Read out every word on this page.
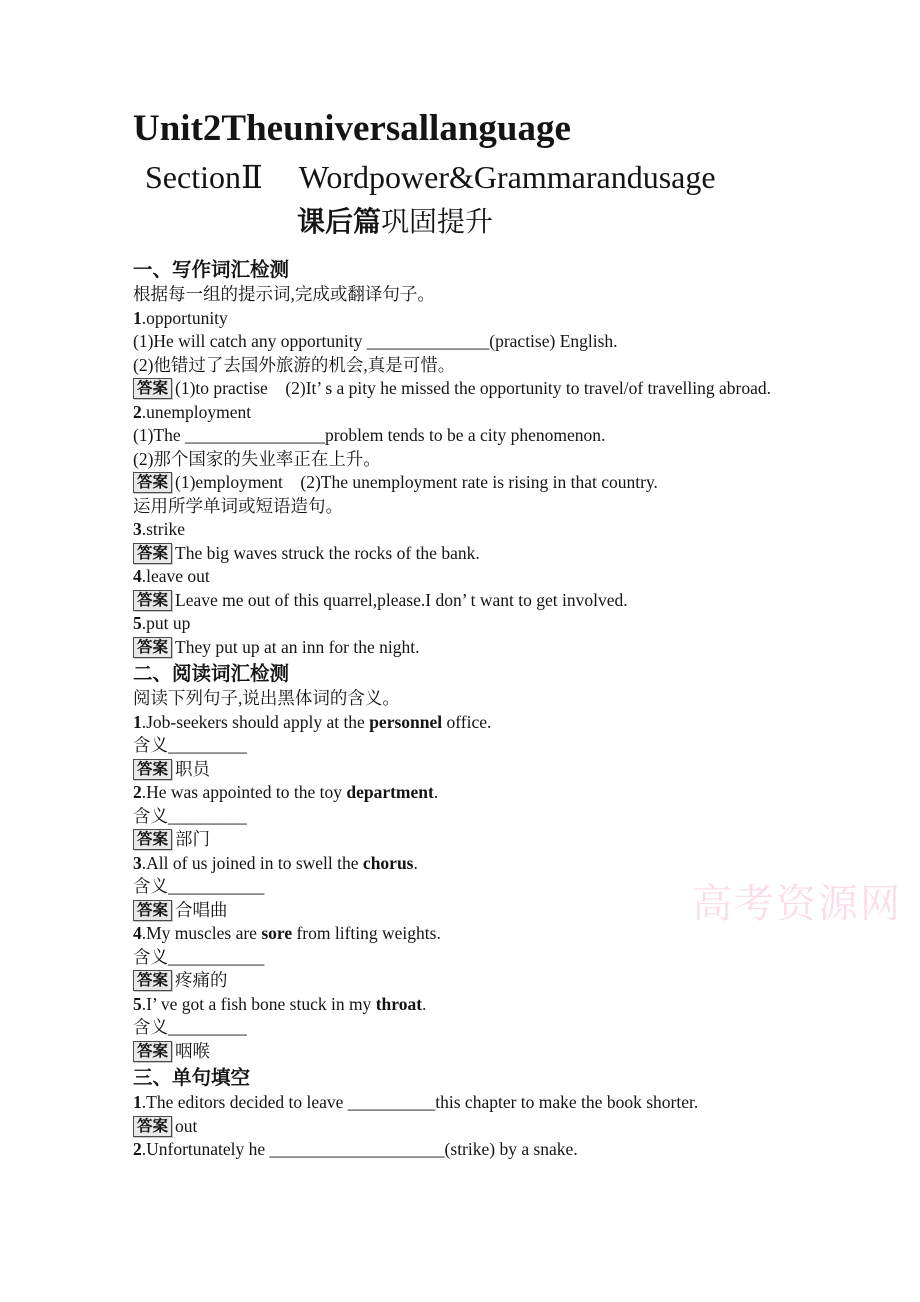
Unit2Theuniversallanguage
SectionⅡ Wordpower&Grammarandusage
课后篇巩固提升

一、写作词汇检测

根据每一组的提示词,完成或翻译句子。

1.opportunity

(1)He will catch any opportunity ______________(practise) English.

(2)他错过了去国外旅游的机会,真是可惜。

答案 (1)to practise　(2)It’ s a pity he missed the opportunity to travel/of travelling abroad.

2.unemployment

(1)The ________________problem tends to be a city phenomenon.

(2)那个国家的失业率正在上升。

答案 (1)employment　(2)The unemployment rate is rising in that country.

运用所学单词或短语造句。

3.strike

答案 The big waves struck the rocks of the bank.

4.leave out

答案 Leave me out of this quarrel,please.I don’ t want to get involved.

5.put up

答案 They put up at an inn for the night.

二、阅读词汇检测

阅读下列句子,说出黑体词的含义。

1.Job-seekers should apply at the personnel office.

含义_________

答案 职员

2.He was appointed to the toy department.

含义_________

答案 部门

3.All of us joined in to swell the chorus.

含义___________

答案 合唱曲

4.My muscles are sore from lifting weights.

含义___________

答案 疼痛的

5.I’ ve got a fish bone stuck in my throat.

含义_________

答案 咽喉

三、单句填空

1.The editors decided to leave __________this chapter to make the book shorter.

答案 out

2.Unfortunately he ____________________(strike) by a snake.

高考资源网
